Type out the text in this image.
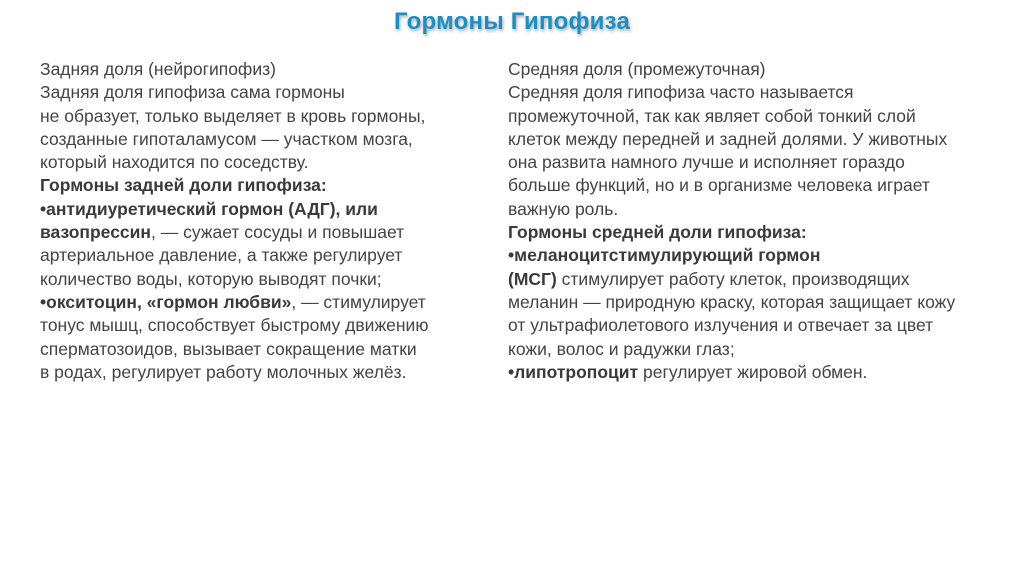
Гормоны Гипофиза
Задняя доля (нейрогипофиз)
Задняя доля гипофиза сама гормоны
не образует, только выделяет в кровь гормоны,
созданные гипоталамусом — участком мозга,
который находится по соседству.
Гормоны задней доли гипофиза:
•антидиуретический гормон (АДГ), или
вазопрессин, — сужает сосуды и повышает
артериальное давление, а также регулирует
количество воды, которую выводят почки;
•окситоцин, «гормон любви», — стимулирует
тонус мышц, способствует быстрому движению
сперматозоидов, вызывает сокращение матки
в родах, регулирует работу молочных желёз.
Средняя доля (промежуточная)
Средняя доля гипофиза часто называется
промежуточной, так как являет собой тонкий слой
клеток между передней и задней долями. У животных
она развита намного лучше и исполняет гораздо
больше функций, но и в организме человека играет
важную роль.
Гормоны средней доли гипофиза:
•меланоцитстимулирующий гормон
(МСГ) стимулирует работу клеток, производящих
меланин — природную краску, которая защищает кожу
от ультрафиолетового излучения и отвечает за цвет
кожи, волос и радужки глаз;
•липотропоцит регулирует жировой обмен.
